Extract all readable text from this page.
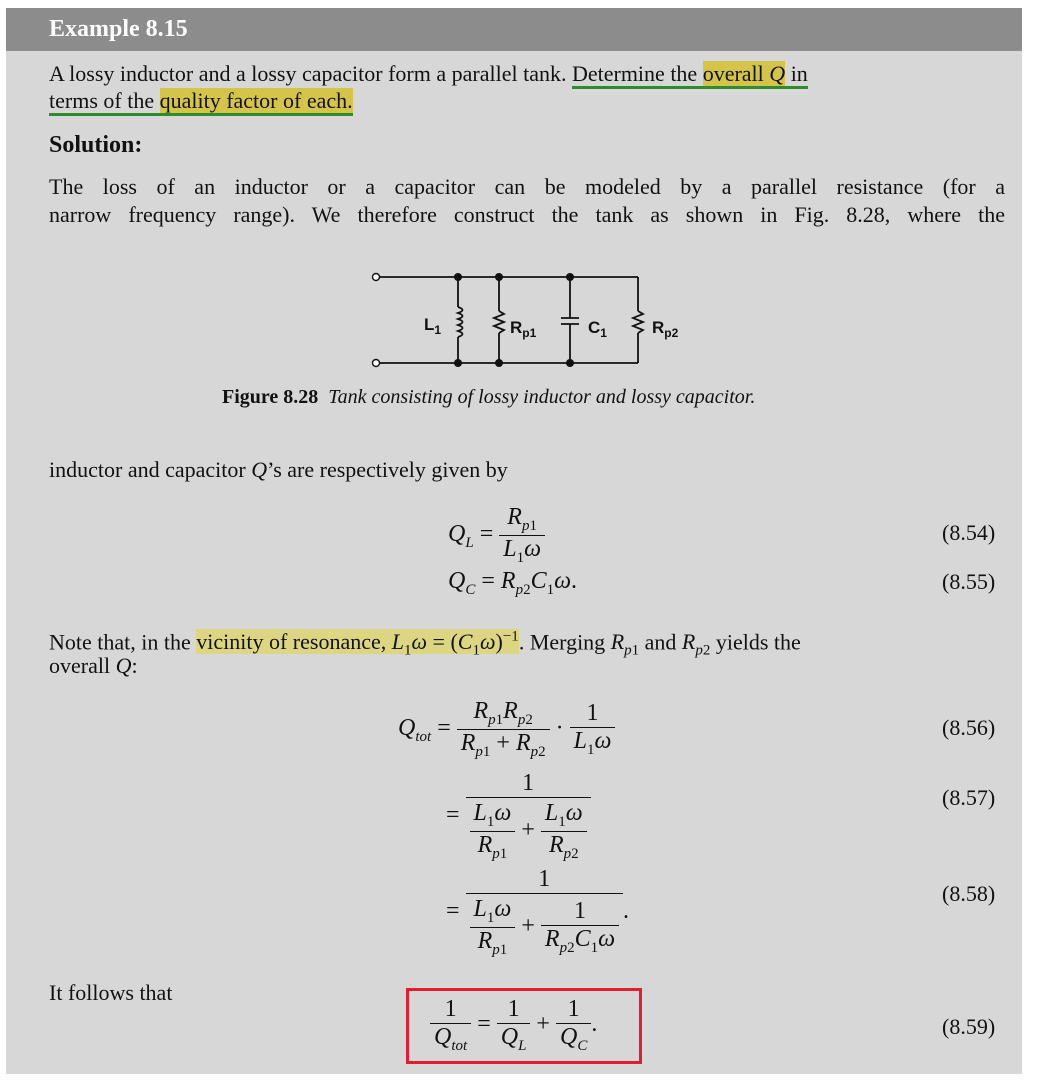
Example 8.15
A lossy inductor and a lossy capacitor form a parallel tank. Determine the overall Q in
terms of the quality factor of each.
Solution:
The loss of an inductor or a capacitor can be modeled by a parallel resistance (for a
narrow frequency range). We therefore construct the tank as shown in Fig. 8.28, where the
$L_1$	$R_{p1}$	$C_1$	$R_{p2}$
Figure 8.28 Tank consisting of lossy inductor and lossy capacitor.
inductor and capacitor Q’s are respectively given by
$Q_L = \frac{R_{p1}}{L_1\omega}$	(8.54)
$Q_C = R_{p2}C_1\omega$.	(8.55)
Note that, in the vicinity of resonance, $L_1\omega = (C_1\omega)^{-1}$. Merging $R_{p1}$ and $R_{p2}$ yields the
overall Q:
$Q_{tot} = \frac{R_{p1}R_{p2}}{R_{p1} + R_{p2}} \cdot \frac{1}{L_1\omega}$	(8.56)
= $\frac{1}{\frac{L_1\omega}{R_{p1}} + \frac{L_1\omega}{R_{p2}}}$	(8.57)
= $\frac{1}{\frac{L_1\omega}{R_{p1}} + \frac{1}{R_{p2}C_1\omega}}$ .
(8.58)
It follows that
$\frac{1}{Q_{tot}} = \frac{1}{Q_L} + \frac{1}{Q_C}$ .	(8.59)
